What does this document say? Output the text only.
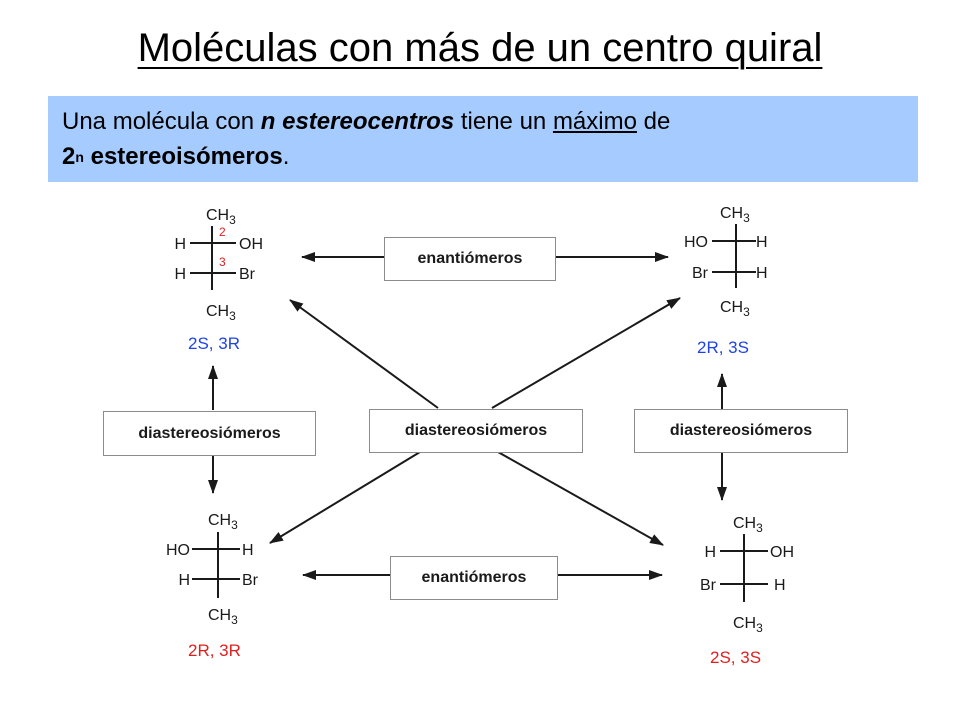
Moléculas con más de un centro quiral
Una molécula con n estereocentros tiene un máximo de
2$^n$ estereoisómeros.
$CH_3$
H	OH
H	Br
$CH_3$
2
3
$CH_3$
HO	H
Br	H
$CH_3$
$CH_3$
HO	H
H	Br
$CH_3$
$CH_3$
H	OH
Br	H
$CH_3$
enantiómeros
enantiómeros
diastereosiómeros	diastereosiómeros	diastereosiómeros
2S, 3R	2R, 3S
2R, 3R	2S, 3S
